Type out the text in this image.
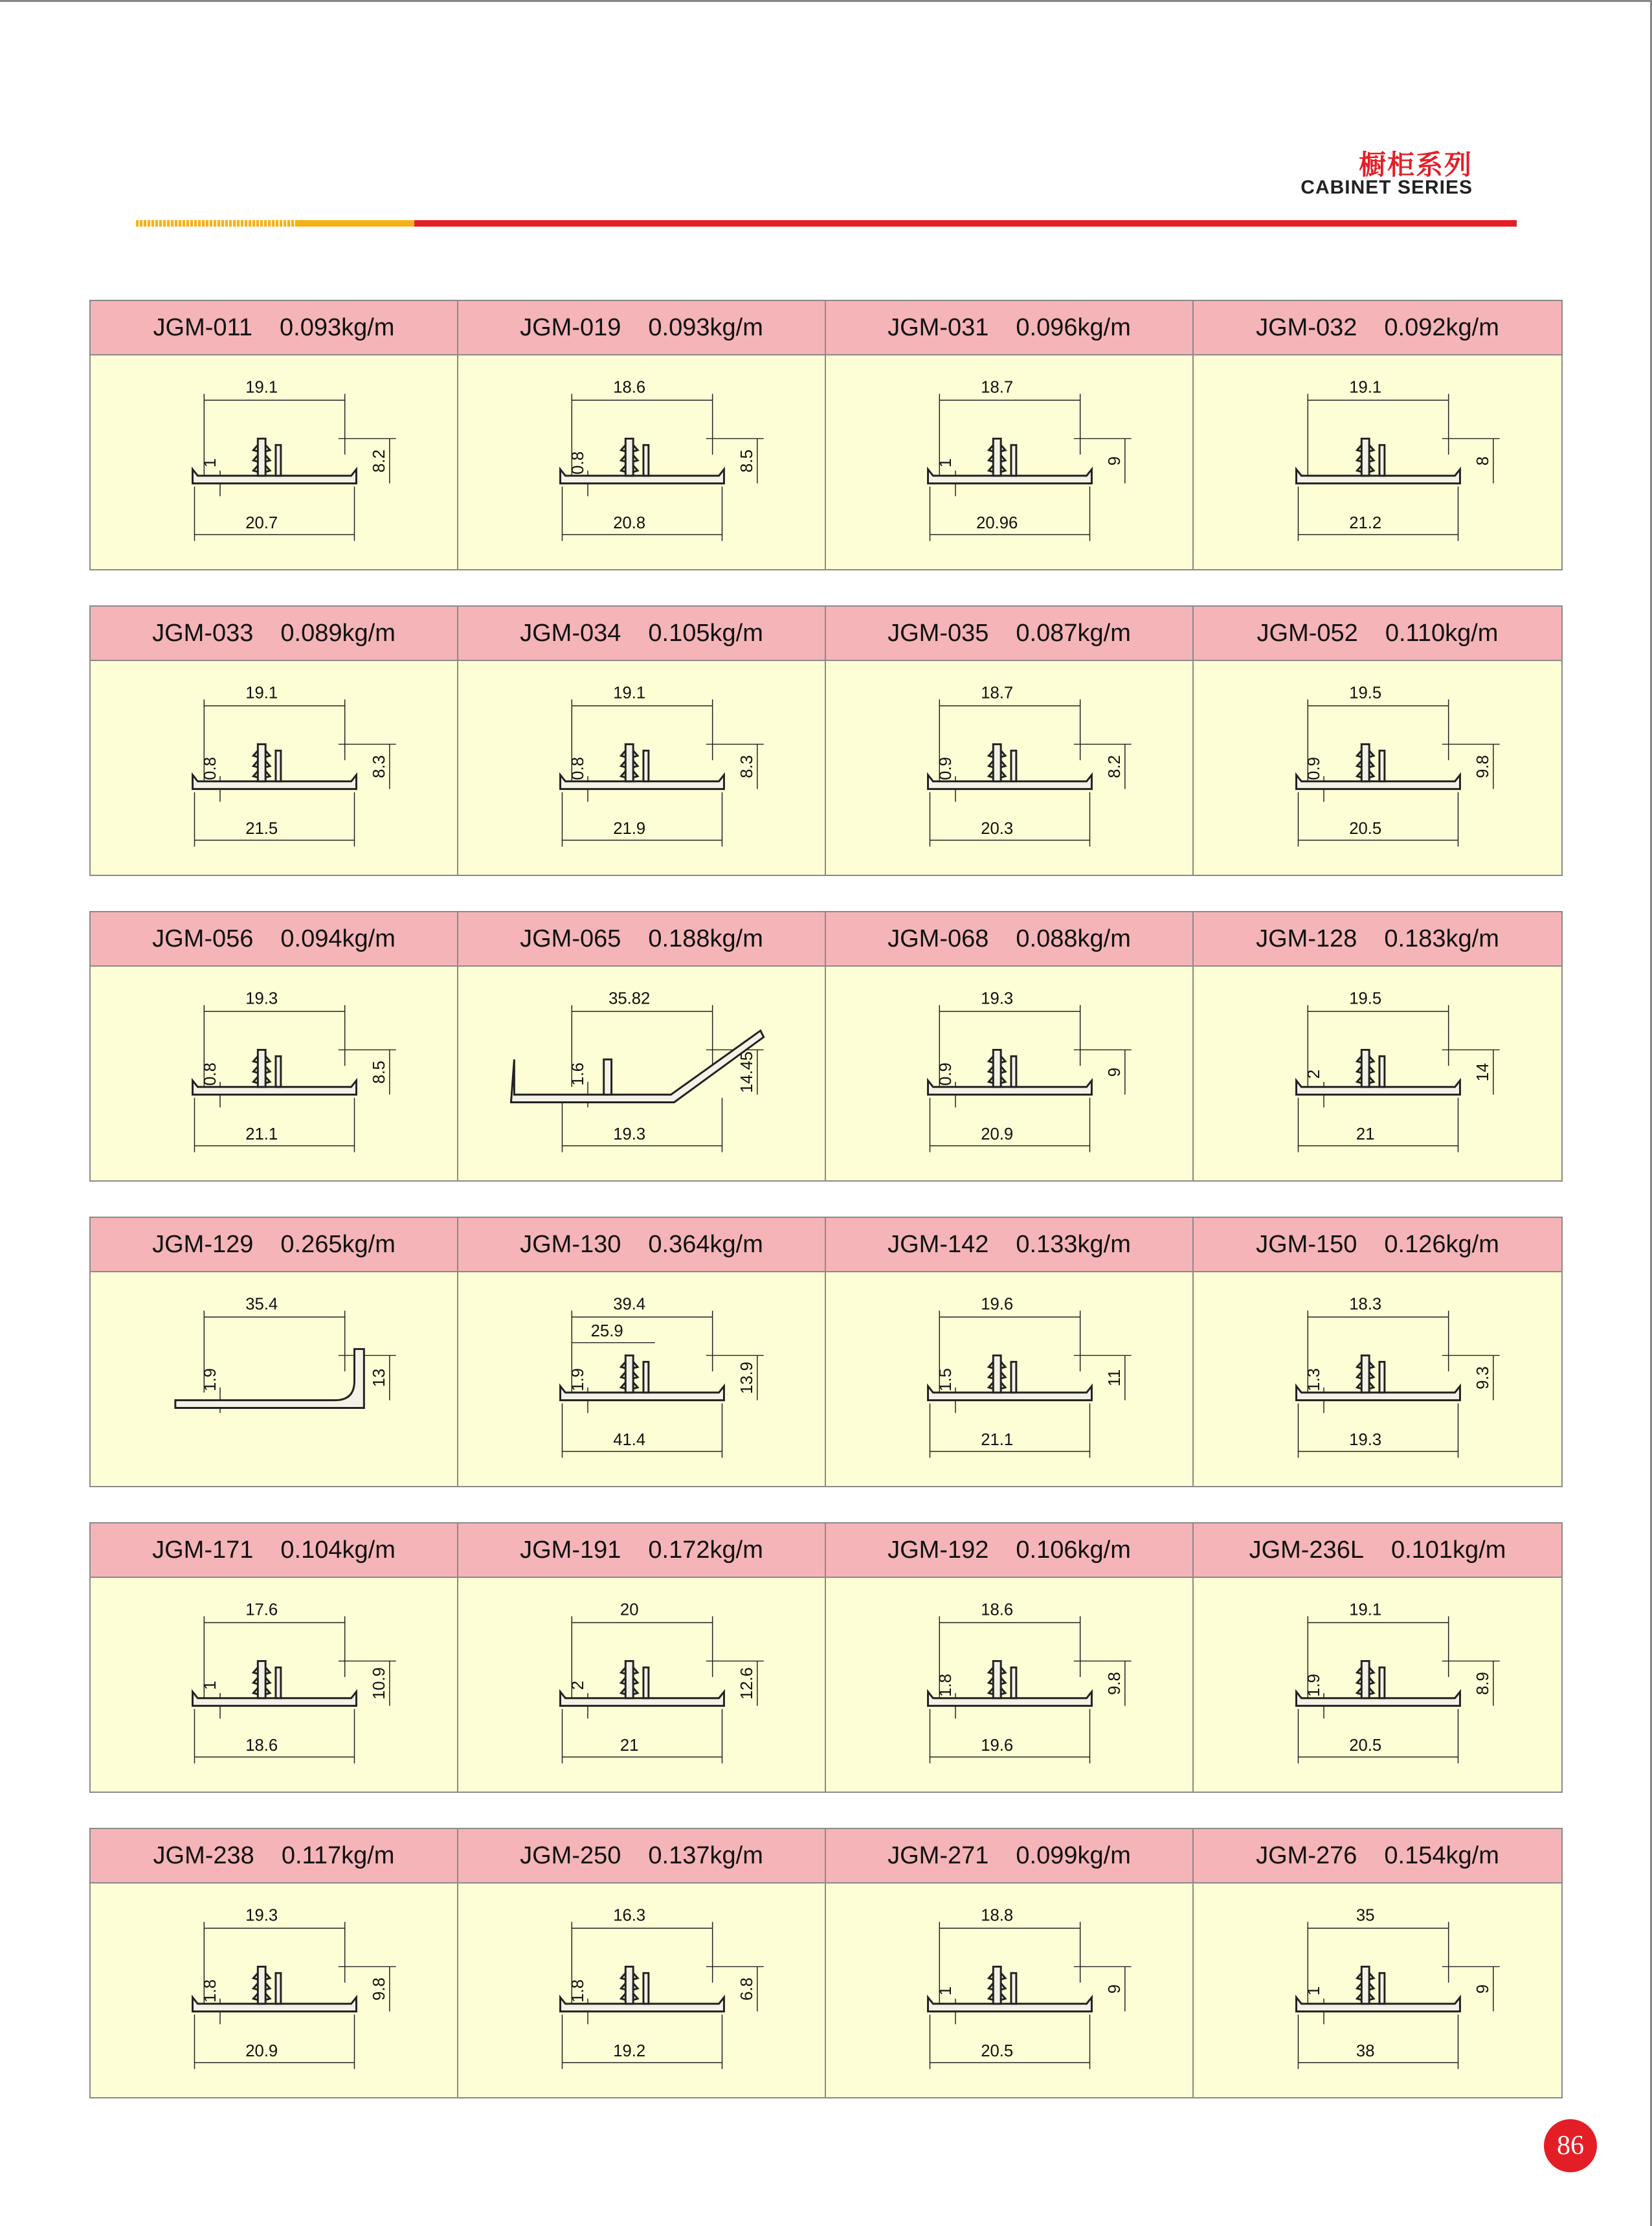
橱柜系列
CABINET SERIES
JGM-011 0.093kg/m
19.1
20.7
8.2
1
JGM-019 0.093kg/m
18.6
20.8
8.5
0.8
JGM-031 0.096kg/m
18.7
20.96
9
1
JGM-032 0.092kg/m
19.1
21.2
8
JGM-033 0.089kg/m
19.1
21.5
8.3
0.8
JGM-034 0.105kg/m
19.1
21.9
8.3
0.8
JGM-035 0.087kg/m
18.7
20.3
8.2
0.9
JGM-052 0.110kg/m
19.5
20.5
9.8
0.9
JGM-056 0.094kg/m
19.3
21.1
8.5
0.8
JGM-065 0.188kg/m
35.82
19.3
14.45
1.6
JGM-068 0.088kg/m
19.3
20.9
9
0.9
JGM-128 0.183kg/m
19.5
21
14
2
JGM-129 0.265kg/m
35.4
13
1.9
JGM-130 0.364kg/m
39.4
25.9
41.4
13.9
1.9
JGM-142 0.133kg/m
19.6
21.1
11
1.5
JGM-150 0.126kg/m
18.3
19.3
9.3
1.3
JGM-171 0.104kg/m
17.6
18.6
10.9
1
JGM-191 0.172kg/m
20
21
12.6
2
JGM-192 0.106kg/m
18.6
19.6
9.8
1.8
JGM-236L 0.101kg/m
19.1
20.5
8.9
1.9
JGM-238 0.117kg/m
19.3
20.9
9.8
1.8
JGM-250 0.137kg/m
16.3
19.2
6.8
1.8
JGM-271 0.099kg/m
18.8
20.5
9
1
JGM-276 0.154kg/m
35
38
9
1
86
